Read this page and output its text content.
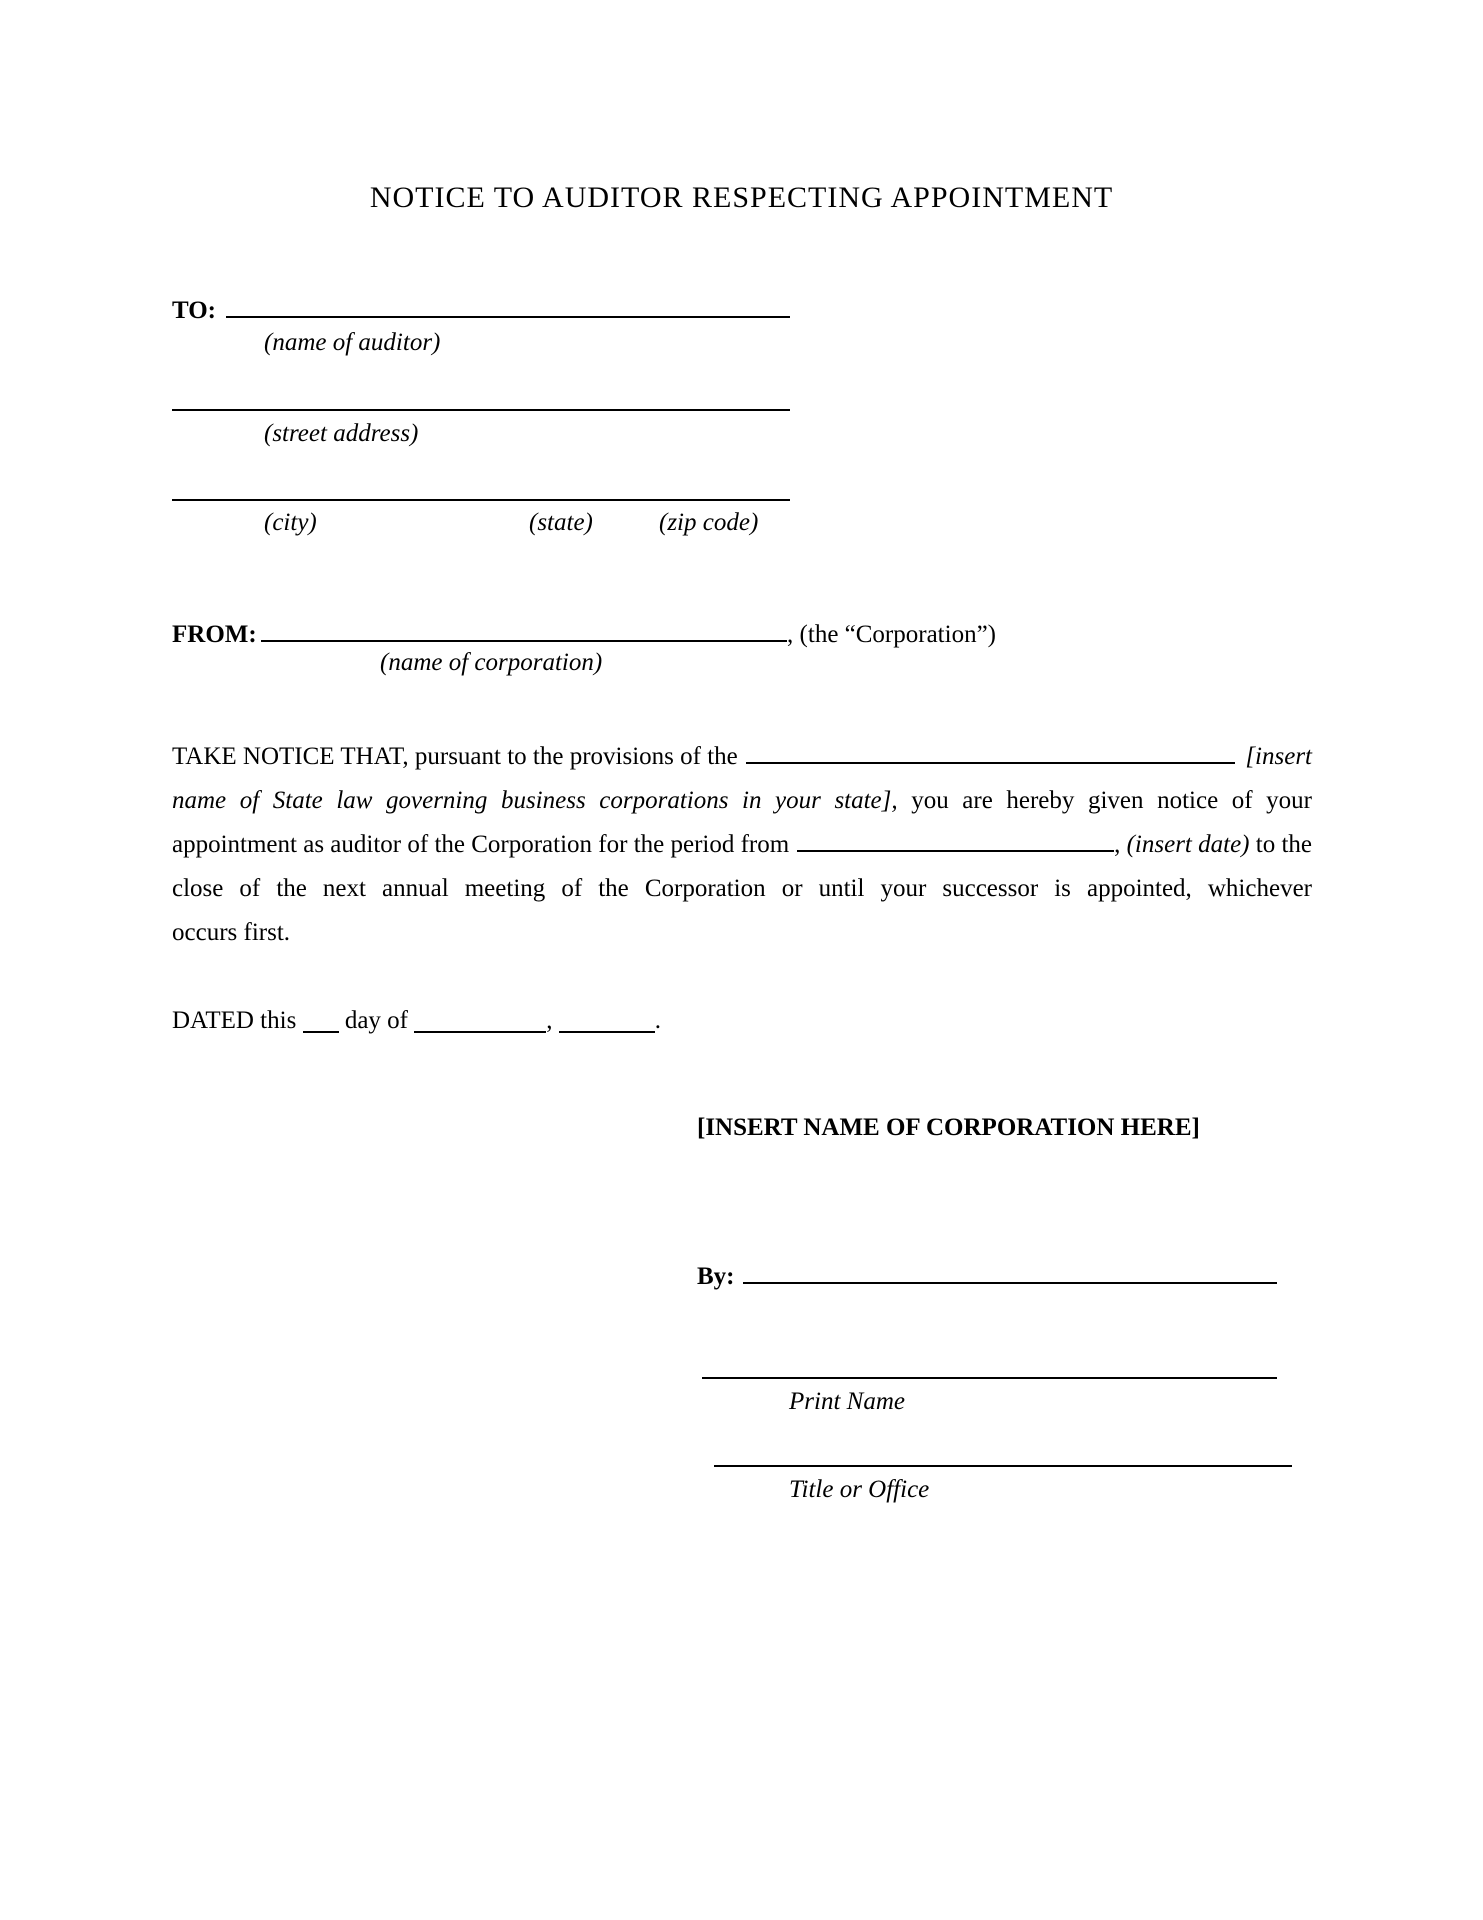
NOTICE TO AUDITOR RESPECTING APPOINTMENT
TO:
(name of auditor)
(street address)
(city)	(state)	(zip code)
FROM:	, (the “Corporation”)
(name of corporation)
TAKE NOTICE THAT, pursuant to the provisions of the	[insert
name of State law governing business corporations in your state], you are hereby given notice of your
appointment as auditor of the Corporation for the period from	, (insert date) to the
close of the next annual meeting of the Corporation or until your successor is appointed, whichever
occurs first.
DATED this day of	,	.
[INSERT NAME OF CORPORATION HERE]
By:
Print Name
Title or Office
